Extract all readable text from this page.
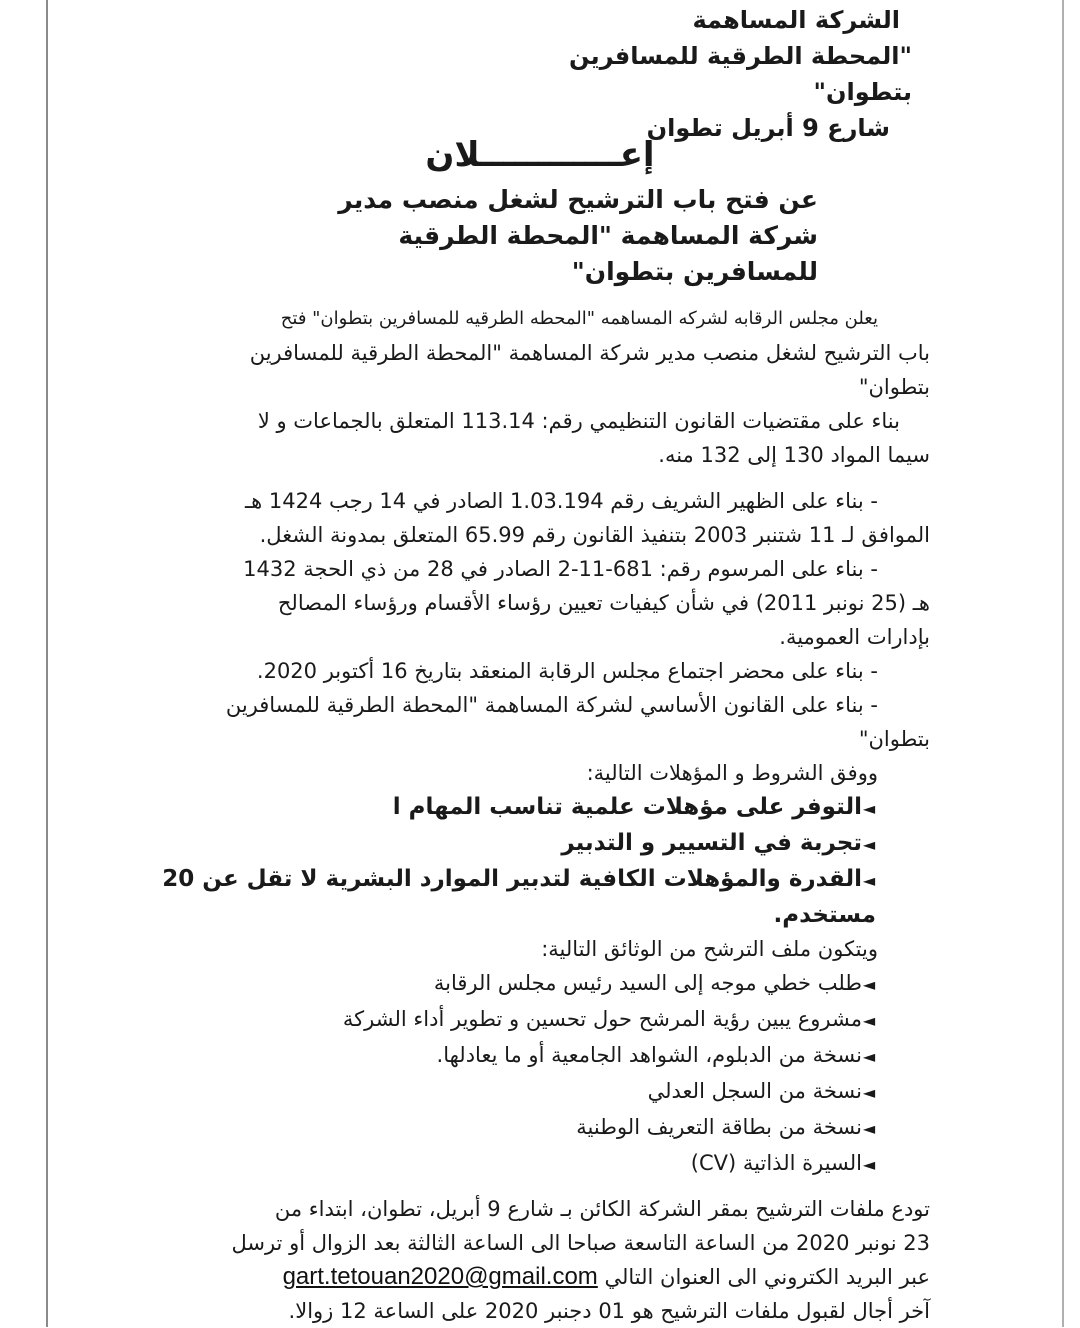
الشركة المساهمة
"المحطة الطرقية للمسافرين بتطوان"
شارع 9 أبريل تطوان
إعــــــــــــلان
عن فتح باب الترشيح لشغل منصب مدير
شركة المساهمة "المحطة الطرقية للمسافرين بتطوان"

يعلن مجلس الرقابه لشركه المساهمه "المحطه الطرقيه للمسافرين بتطوان" فتح

باب الترشيح لشغل منصب مدير شركة المساهمة "المحطة الطرقية للمسافرين بتطوان"

بناء على مقتضيات القانون التنظيمي رقم: 113.14 المتعلق بالجماعات و لا

سيما المواد 130 إلى 132 منه.

- بناء على الظهير الشريف رقم 1.03.194 الصادر في 14 رجب 1424 هـ

الموافق لـ 11 شتنبر 2003 بتنفيذ القانون رقم 65.99 المتعلق بمدونة الشغل.

- بناء على المرسوم رقم: 681-11-2 الصادر في 28 من ذي الحجة 1432

هـ (25 نونبر 2011) في شأن كيفيات تعيين رؤساء الأقسام ورؤساء المصالح

بإدارات العمومية.

- بناء على محضر اجتماع مجلس الرقابة المنعقد بتاريخ 16 أكتوبر 2020.

- بناء على القانون الأساسي لشركة المساهمة "المحطة الطرقية للمسافرين

بتطوان"

ووفق الشروط و المؤهلات التالية:

◄التوفر على مؤهلات علمية تناسب المهام ا

◄تجربة في التسيير و التدبير

◄القدرة والمؤهلات الكافية لتدبير الموارد البشرية لا تقل عن 20

مستخدم.

ويتكون ملف الترشح من الوثائق التالية:

◄طلب خطي موجه إلى السيد رئيس مجلس الرقابة

◄مشروع يبين رؤية المرشح حول تحسين و تطوير أداء الشركة

◄نسخة من الدبلوم، الشواهد الجامعية أو ما يعادلها.

◄نسخة من السجل العدلي

◄نسخة من بطاقة التعريف الوطنية

◄السيرة الذاتية (CV)

تودع ملفات الترشيح بمقر الشركة الكائن بـ شارع 9 أبريل، تطوان، ابتداء من

23 نونبر 2020 من الساعة التاسعة صباحا الى الساعة الثالثة بعد الزوال أو ترسل

عبر البريد الكتروني الى العنوان التالي gart.tetouan2020@gmail.com

آخر أجال لقبول ملفات الترشيح هو 01 دجنبر 2020 على الساعة 12 زوالا.
